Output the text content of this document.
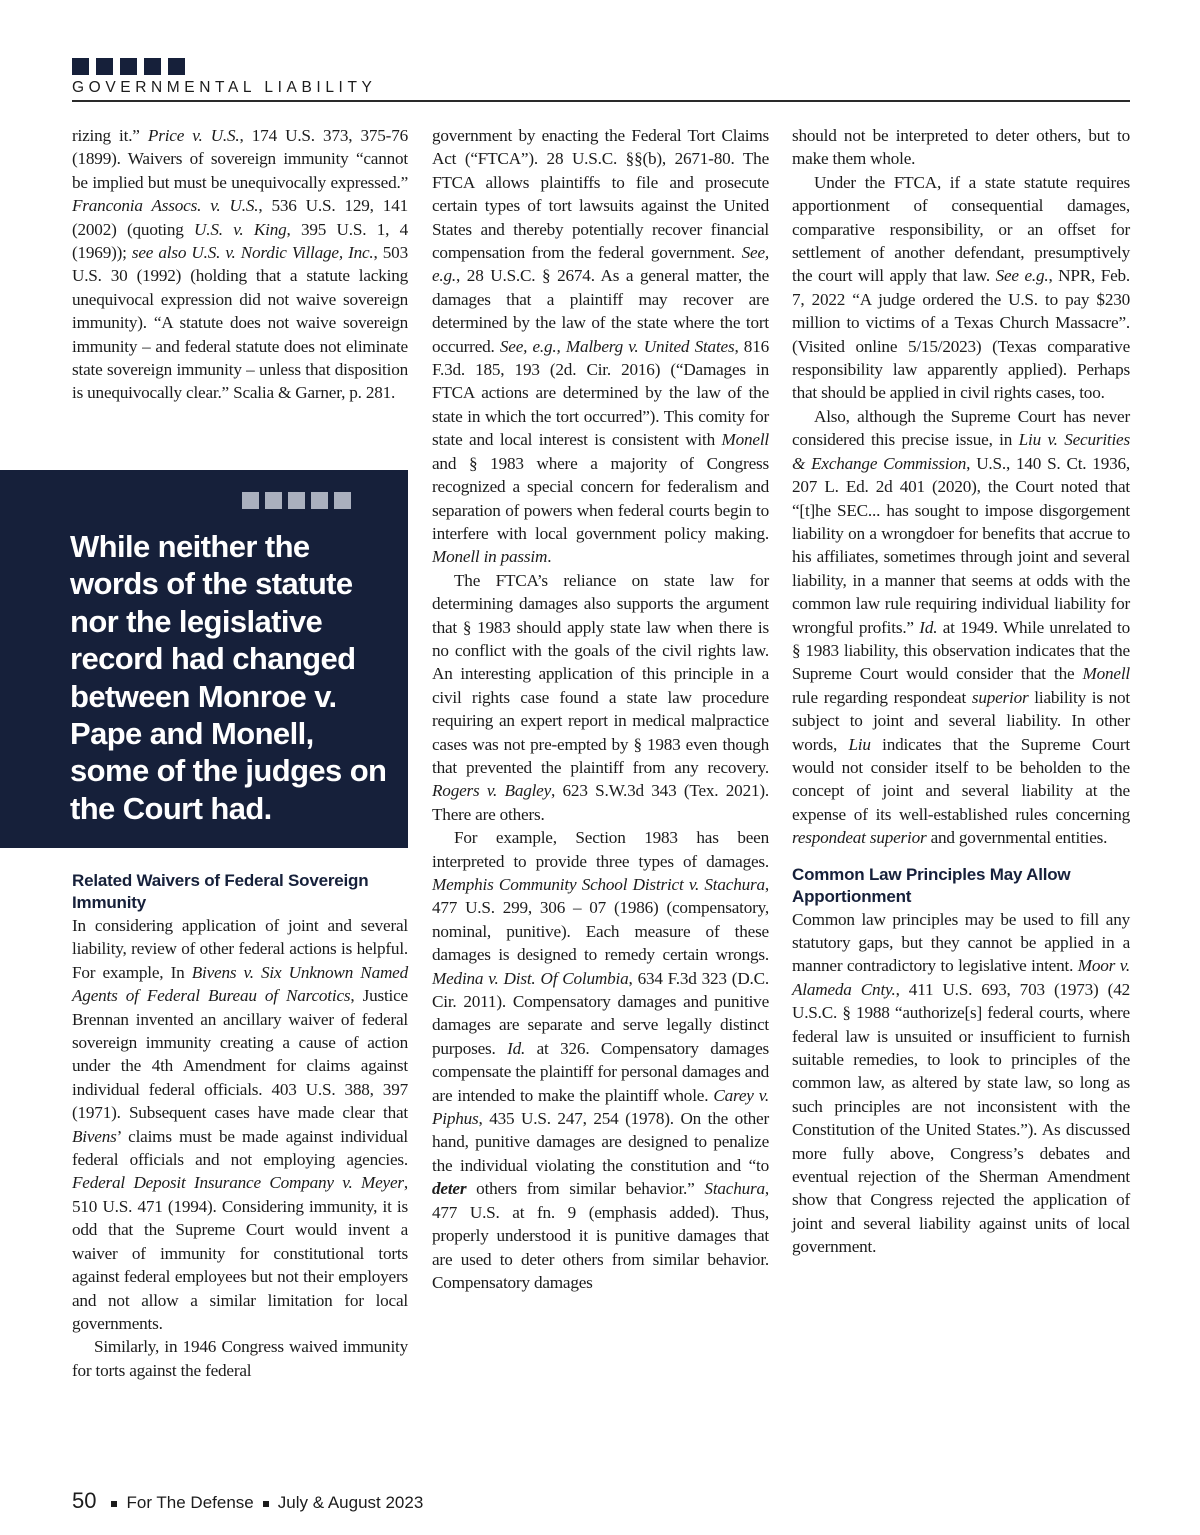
GOVERNMENTAL LIABILITY

rizing it.” Price v. U.S., 174 U.S. 373, 375-76 (1899). Waivers of sovereign immunity “cannot be implied but must be unequivocally expressed.” Franconia Assocs. v. U.S., 536 U.S. 129, 141 (2002) (quoting U.S. v. King, 395 U.S. 1, 4 (1969)); see also U.S. v. Nordic Village, Inc., 503 U.S. 30 (1992) (holding that a statute lacking unequivocal expression did not waive sovereign immunity). “A statute does not waive sovereign immunity – and federal statute does not eliminate state sovereign immunity – unless that disposition is unequivocally clear.” Scalia & Garner, p. 281.

While neither the words of the statute nor the legislative record had changed between Monroe v. Pape and Monell, some of the judges on the Court had.

Related Waivers of Federal Sovereign Immunity

In considering application of joint and several liability, review of other federal actions is helpful. For example, In Bivens v. Six Unknown Named Agents of Federal Bureau of Narcotics, Justice Brennan invented an ancillary waiver of federal sovereign immunity creating a cause of action under the 4th Amendment for claims against individual federal officials. 403 U.S. 388, 397 (1971). Subsequent cases have made clear that Bivens’ claims must be made against individual federal officials and not employing agencies. Federal Deposit Insurance Company v. Meyer, 510 U.S. 471 (1994). Considering immunity, it is odd that the Supreme Court would invent a waiver of immunity for constitutional torts against federal employees but not their employers and not allow a similar limitation for local governments.

Similarly, in 1946 Congress waived immunity for torts against the federal

government by enacting the Federal Tort Claims Act (“FTCA”). 28 U.S.C. §§(b), 2671-80. The FTCA allows plaintiffs to file and prosecute certain types of tort lawsuits against the United States and thereby potentially recover financial compensation from the federal government. See, e.g., 28 U.S.C. § 2674. As a general matter, the damages that a plaintiff may recover are determined by the law of the state where the tort occurred. See, e.g., Malberg v. United States, 816 F.3d. 185, 193 (2d. Cir. 2016) (“Damages in FTCA actions are determined by the law of the state in which the tort occurred”). This comity for state and local interest is consistent with Monell and § 1983 where a majority of Congress recognized a special concern for federalism and separation of powers when federal courts begin to interfere with local government policy making. Monell in passim.

The FTCA’s reliance on state law for determining damages also supports the argument that § 1983 should apply state law when there is no conflict with the goals of the civil rights law. An interesting application of this principle in a civil rights case found a state law procedure requiring an expert report in medical malpractice cases was not pre-empted by § 1983 even though that prevented the plaintiff from any recovery. Rogers v. Bagley, 623 S.W.3d 343 (Tex. 2021). There are others.

For example, Section 1983 has been interpreted to provide three types of damages. Memphis Community School District v. Stachura, 477 U.S. 299, 306 – 07 (1986) (compensatory, nominal, punitive). Each measure of these damages is designed to remedy certain wrongs. Medina v. Dist. Of Columbia, 634 F.3d 323 (D.C. Cir. 2011). Compensatory damages and punitive damages are separate and serve legally distinct purposes. Id. at 326. Compensatory damages compensate the plaintiff for personal damages and are intended to make the plaintiff whole. Carey v. Piphus, 435 U.S. 247, 254 (1978). On the other hand, punitive damages are designed to penalize the individual violating the constitution and “to deter others from similar behavior.” Stachura, 477 U.S. at fn. 9 (emphasis added). Thus, properly understood it is punitive damages that are used to deter others from similar behavior. Compensatory damages

should not be interpreted to deter others, but to make them whole.

Under the FTCA, if a state statute requires apportionment of consequential damages, comparative responsibility, or an offset for settlement of another defendant, presumptively the court will apply that law. See e.g., NPR, Feb. 7, 2022 “A judge ordered the U.S. to pay $230 million to victims of a Texas Church Massacre”. (Visited online 5/15/2023) (Texas comparative responsibility law apparently applied). Perhaps that should be applied in civil rights cases, too.

Also, although the Supreme Court has never considered this precise issue, in Liu v. Securities & Exchange Commission, U.S., 140 S. Ct. 1936, 207 L. Ed. 2d 401 (2020), the Court noted that “[t]he SEC... has sought to impose disgorgement liability on a wrongdoer for benefits that accrue to his affiliates, sometimes through joint and several liability, in a manner that seems at odds with the common law rule requiring individual liability for wrongful profits.” Id. at 1949. While unrelated to § 1983 liability, this observation indicates that the Supreme Court would consider that the Monell rule regarding respondeat superior liability is not subject to joint and several liability. In other words, Liu indicates that the Supreme Court would not consider itself to be beholden to the concept of joint and several liability at the expense of its well-established rules concerning respondeat superior and governmental entities.

Common Law Principles May Allow Apportionment

Common law principles may be used to fill any statutory gaps, but they cannot be applied in a manner contradictory to legislative intent. Moor v. Alameda Cnty., 411 U.S. 693, 703 (1973) (42 U.S.C. § 1988 “authorize[s] federal courts, where federal law is unsuited or insufficient to furnish suitable remedies, to look to principles of the common law, as altered by state law, so long as such principles are not inconsistent with the Constitution of the United States.”). As discussed more fully above, Congress’s debates and eventual rejection of the Sherman Amendment show that Congress rejected the application of joint and several liability against units of local government.

50 For The Defense July & August 2023
